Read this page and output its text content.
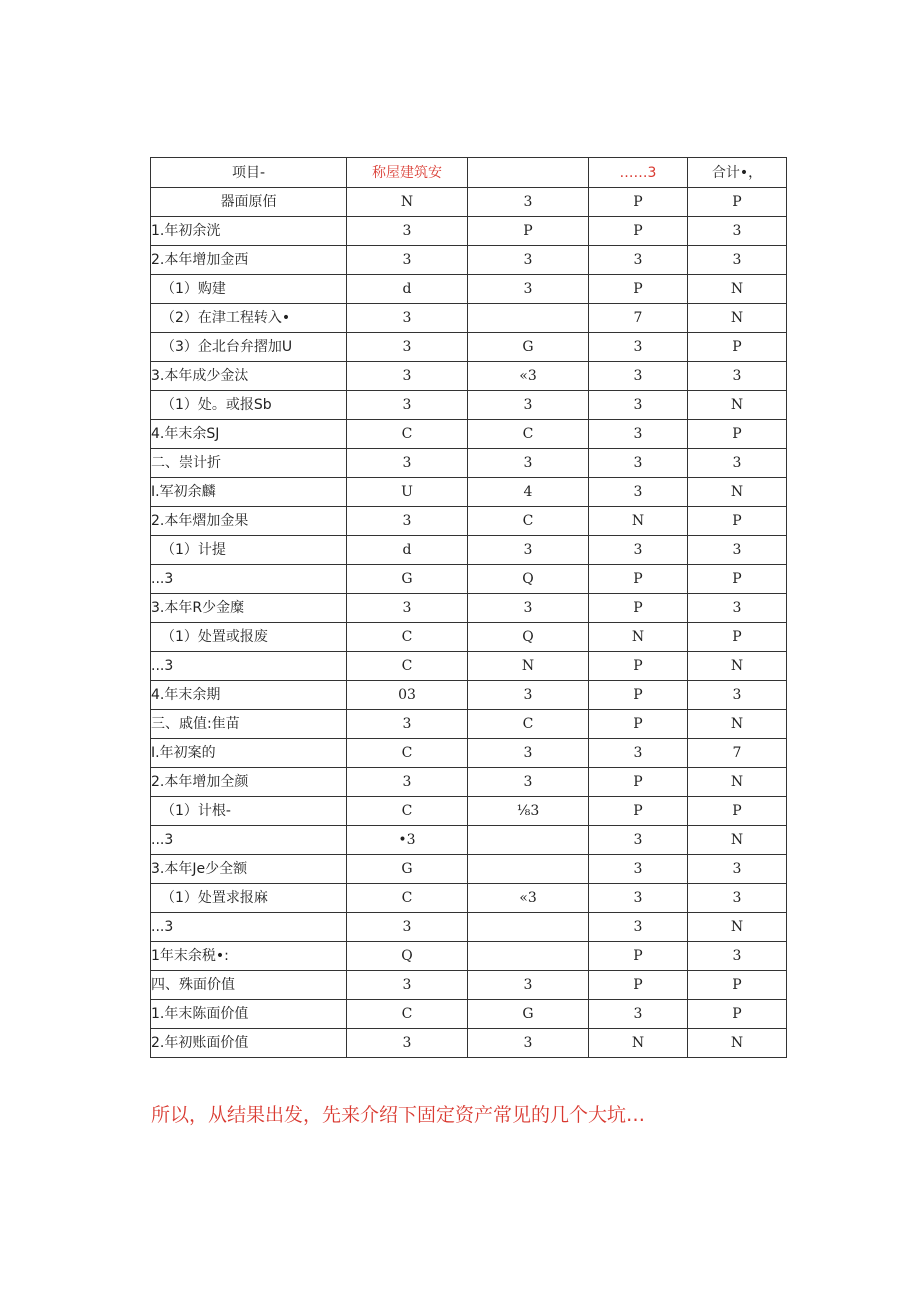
项目-	称屋建筑安		……3	合计•，
器面原佰	N	3	P	P
1.年初余洸	3	P	P	3
2.本年增加金西	3	3	3	3
（1）购建	d	3	P	N
（2）在津工程转入•	3		7	N
（3）企北台弁摺加U	3	G	3	P
3.本年成少金汰	3	«3	3	3
（1）处。或报Sb	3	3	3	N
4.年末余SJ	C	C	3	P
二、崇计折	3	3	3	3
I.军初余麟	U	4	3	N
2.本年熠加金果	3	C	N	P
（1）计提	d	3	3	3
...3	G	Q	P	P
3.本年R少金糜	3	3	P	3
（1）处置或报废	C	Q	N	P
...3	C	N	P	N
4.年末余期	03	3	P	3
三、戚值:隹苗	3	C	P	N
I.年初案的	C	3	3	7
2.本年增加全颜	3	3	P	N
（1）计根-	C	⅛3	P	P
...3	•3		3	N
3.本年Je少全额	G		3	3
（1）处置求报麻	C	«3	3	3
...3	3		3	N
1年末余税•:	Q		P	3
四、殊面价值	3	3	P	P
1.年末陈面价值	C	G	3	P
2.年初账面价值	3	3	N	N

所以，从结果出发，先来介绍下固定资产常见的几个大坑…
